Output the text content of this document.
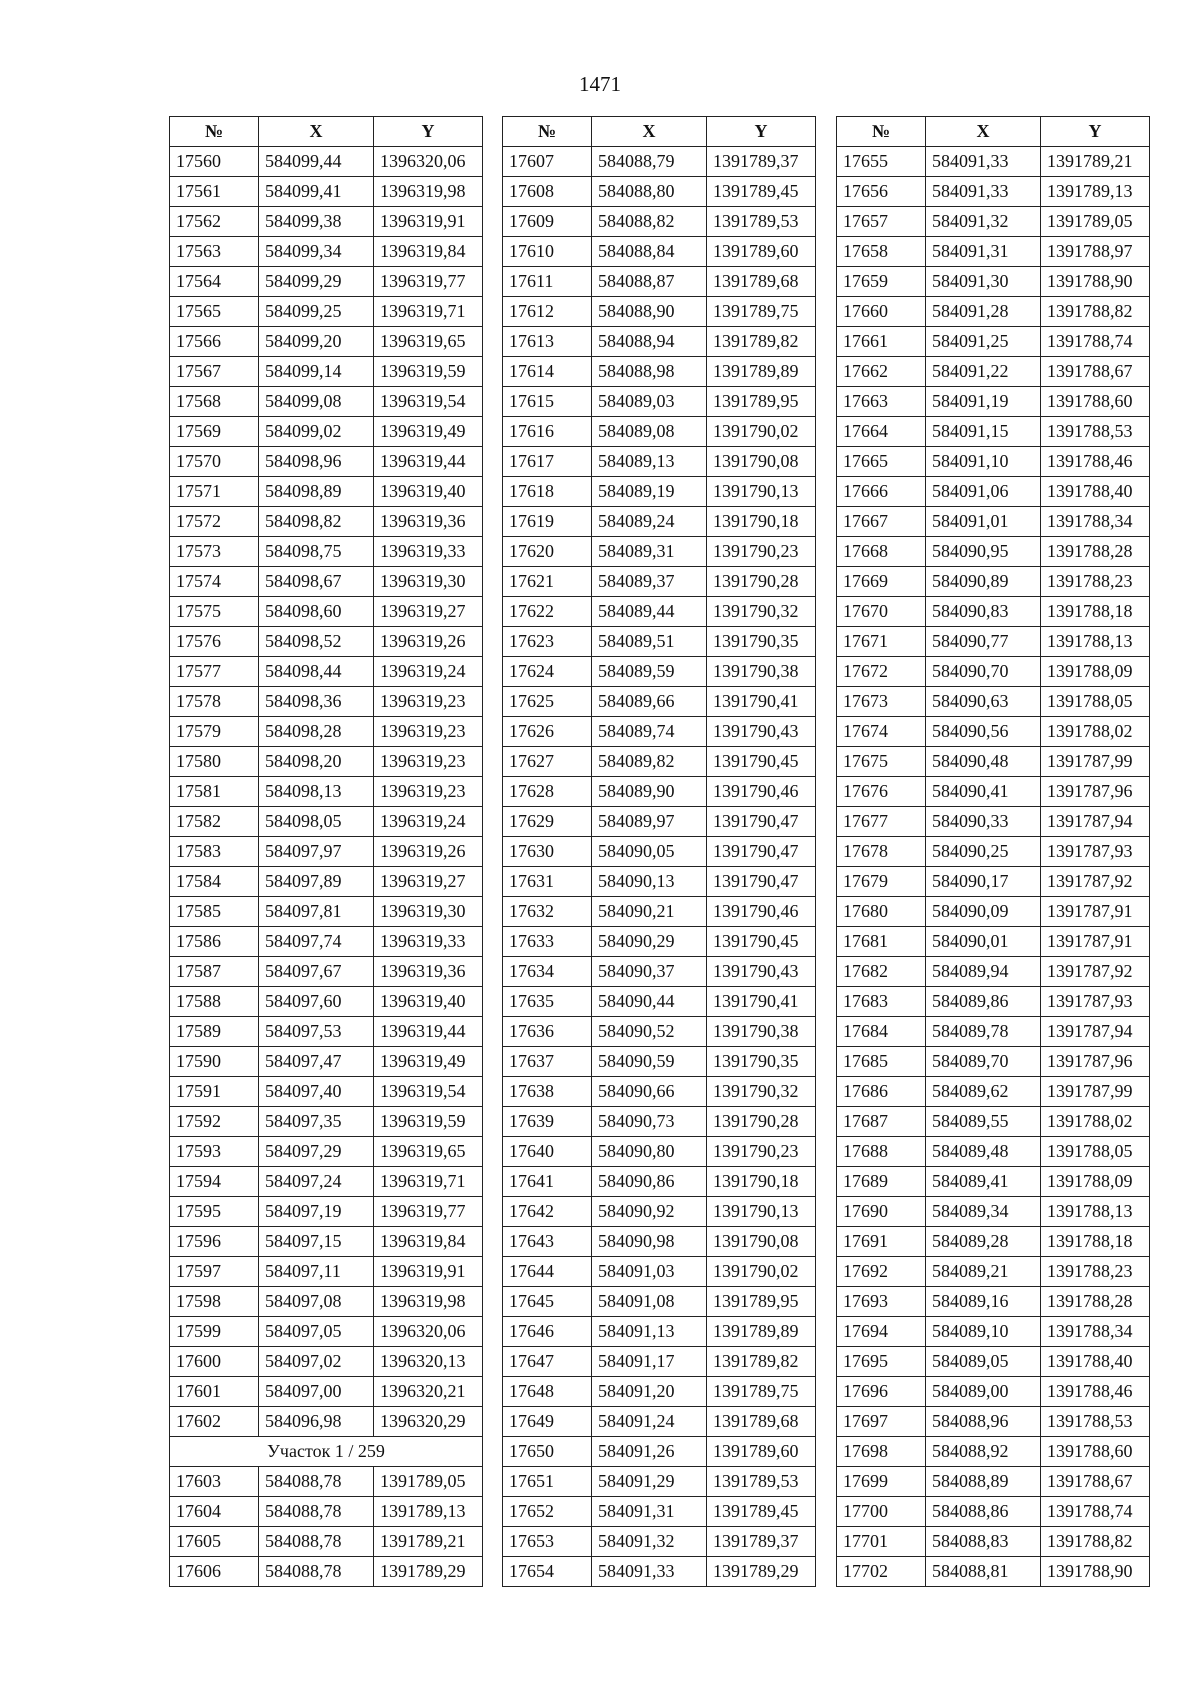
1471
№	X	Y
17560	584099,44	1396320,06
17561	584099,41	1396319,98
17562	584099,38	1396319,91
17563	584099,34	1396319,84
17564	584099,29	1396319,77
17565	584099,25	1396319,71
17566	584099,20	1396319,65
17567	584099,14	1396319,59
17568	584099,08	1396319,54
17569	584099,02	1396319,49
17570	584098,96	1396319,44
17571	584098,89	1396319,40
17572	584098,82	1396319,36
17573	584098,75	1396319,33
17574	584098,67	1396319,30
17575	584098,60	1396319,27
17576	584098,52	1396319,26
17577	584098,44	1396319,24
17578	584098,36	1396319,23
17579	584098,28	1396319,23
17580	584098,20	1396319,23
17581	584098,13	1396319,23
17582	584098,05	1396319,24
17583	584097,97	1396319,26
17584	584097,89	1396319,27
17585	584097,81	1396319,30
17586	584097,74	1396319,33
17587	584097,67	1396319,36
17588	584097,60	1396319,40
17589	584097,53	1396319,44
17590	584097,47	1396319,49
17591	584097,40	1396319,54
17592	584097,35	1396319,59
17593	584097,29	1396319,65
17594	584097,24	1396319,71
17595	584097,19	1396319,77
17596	584097,15	1396319,84
17597	584097,11	1396319,91
17598	584097,08	1396319,98
17599	584097,05	1396320,06
17600	584097,02	1396320,13
17601	584097,00	1396320,21
17602	584096,98	1396320,29
Участок 1 / 259		
17603	584088,78	1391789,05
17604	584088,78	1391789,13
17605	584088,78	1391789,21
17606	584088,78	1391789,29
№	X	Y
17607	584088,79	1391789,37
17608	584088,80	1391789,45
17609	584088,82	1391789,53
17610	584088,84	1391789,60
17611	584088,87	1391789,68
17612	584088,90	1391789,75
17613	584088,94	1391789,82
17614	584088,98	1391789,89
17615	584089,03	1391789,95
17616	584089,08	1391790,02
17617	584089,13	1391790,08
17618	584089,19	1391790,13
17619	584089,24	1391790,18
17620	584089,31	1391790,23
17621	584089,37	1391790,28
17622	584089,44	1391790,32
17623	584089,51	1391790,35
17624	584089,59	1391790,38
17625	584089,66	1391790,41
17626	584089,74	1391790,43
17627	584089,82	1391790,45
17628	584089,90	1391790,46
17629	584089,97	1391790,47
17630	584090,05	1391790,47
17631	584090,13	1391790,47
17632	584090,21	1391790,46
17633	584090,29	1391790,45
17634	584090,37	1391790,43
17635	584090,44	1391790,41
17636	584090,52	1391790,38
17637	584090,59	1391790,35
17638	584090,66	1391790,32
17639	584090,73	1391790,28
17640	584090,80	1391790,23
17641	584090,86	1391790,18
17642	584090,92	1391790,13
17643	584090,98	1391790,08
17644	584091,03	1391790,02
17645	584091,08	1391789,95
17646	584091,13	1391789,89
17647	584091,17	1391789,82
17648	584091,20	1391789,75
17649	584091,24	1391789,68
17650	584091,26	1391789,60
17651	584091,29	1391789,53
17652	584091,31	1391789,45
17653	584091,32	1391789,37
17654	584091,33	1391789,29
№	X	Y
17655	584091,33	1391789,21
17656	584091,33	1391789,13
17657	584091,32	1391789,05
17658	584091,31	1391788,97
17659	584091,30	1391788,90
17660	584091,28	1391788,82
17661	584091,25	1391788,74
17662	584091,22	1391788,67
17663	584091,19	1391788,60
17664	584091,15	1391788,53
17665	584091,10	1391788,46
17666	584091,06	1391788,40
17667	584091,01	1391788,34
17668	584090,95	1391788,28
17669	584090,89	1391788,23
17670	584090,83	1391788,18
17671	584090,77	1391788,13
17672	584090,70	1391788,09
17673	584090,63	1391788,05
17674	584090,56	1391788,02
17675	584090,48	1391787,99
17676	584090,41	1391787,96
17677	584090,33	1391787,94
17678	584090,25	1391787,93
17679	584090,17	1391787,92
17680	584090,09	1391787,91
17681	584090,01	1391787,91
17682	584089,94	1391787,92
17683	584089,86	1391787,93
17684	584089,78	1391787,94
17685	584089,70	1391787,96
17686	584089,62	1391787,99
17687	584089,55	1391788,02
17688	584089,48	1391788,05
17689	584089,41	1391788,09
17690	584089,34	1391788,13
17691	584089,28	1391788,18
17692	584089,21	1391788,23
17693	584089,16	1391788,28
17694	584089,10	1391788,34
17695	584089,05	1391788,40
17696	584089,00	1391788,46
17697	584088,96	1391788,53
17698	584088,92	1391788,60
17699	584088,89	1391788,67
17700	584088,86	1391788,74
17701	584088,83	1391788,82
17702	584088,81	1391788,90
